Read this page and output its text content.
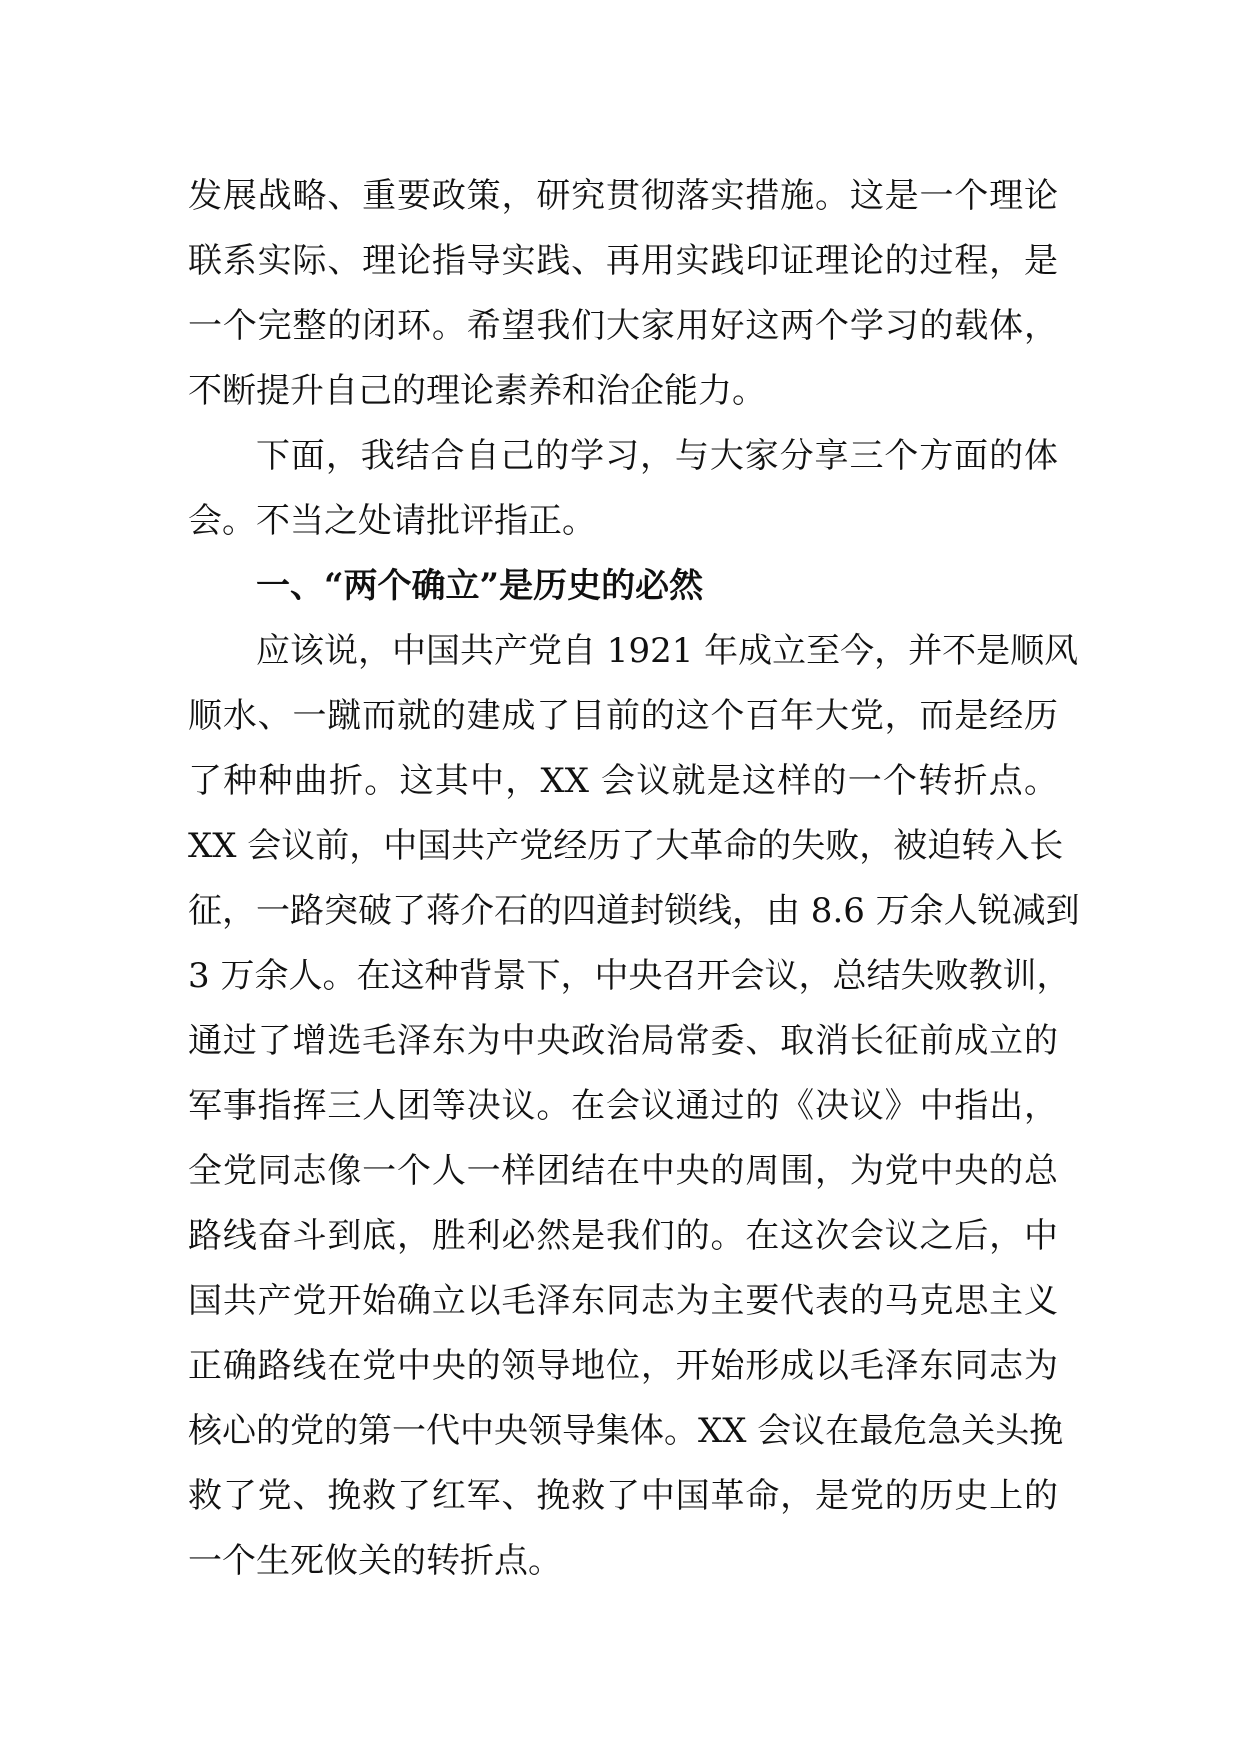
发展战略、重要政策，研究贯彻落实措施。这是一个理论
联系实际、理论指导实践、再用实践印证理论的过程，是
一个完整的闭环。希望我们大家用好这两个学习的载体，
不断提升自己的理论素养和治企能力。
下面，我结合自己的学习，与大家分享三个方面的体
会。不当之处请批评指正。
一、“两个确立”是历史的必然
应该说，中国共产党自 1921 年成立至今，并不是顺风
顺水、一蹴而就的建成了目前的这个百年大党，而是经历
了种种曲折。这其中，XX 会议就是这样的一个转折点。
XX 会议前，中国共产党经历了大革命的失败，被迫转入长
征，一路突破了蒋介石的四道封锁线，由 8.6 万余人锐减到
3 万余人。在这种背景下，中央召开会议，总结失败教训，
通过了增选毛泽东为中央政治局常委、取消长征前成立的
军事指挥三人团等决议。在会议通过的《决议》中指出，
全党同志像一个人一样团结在中央的周围，为党中央的总
路线奋斗到底，胜利必然是我们的。在这次会议之后，中
国共产党开始确立以毛泽东同志为主要代表的马克思主义
正确路线在党中央的领导地位，开始形成以毛泽东同志为
核心的党的第一代中央领导集体。XX 会议在最危急关头挽
救了党、挽救了红军、挽救了中国革命，是党的历史上的
一个生死攸关的转折点。
